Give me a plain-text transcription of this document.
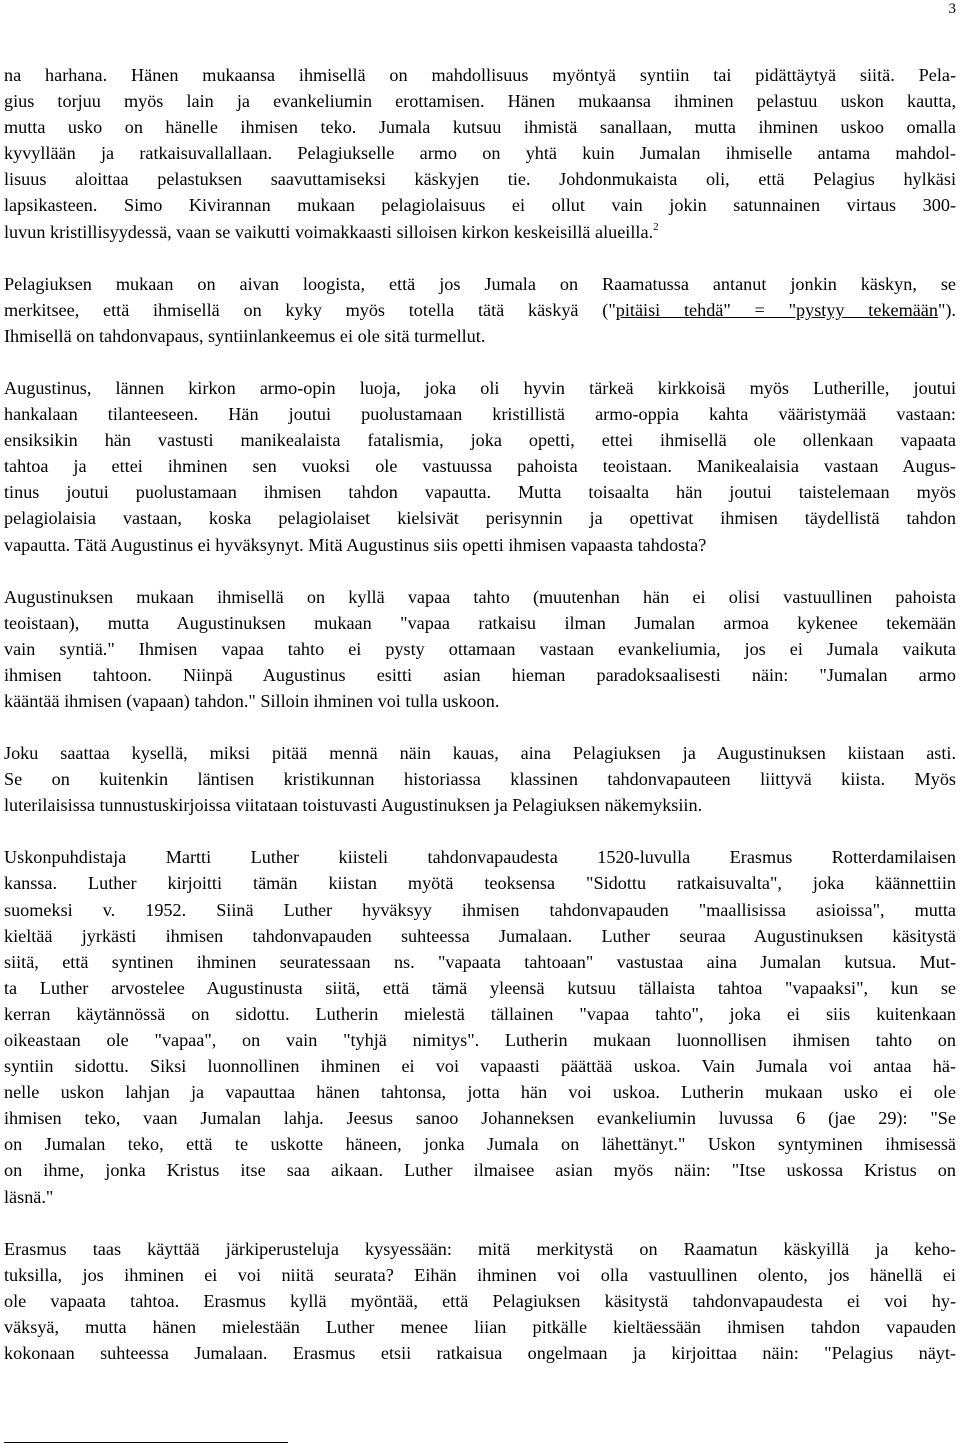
3
na harhana. Hänen mukaansa ihmisellä on mahdollisuus myöntyä syntiin tai pidättäytyä siitä. Pela-
gius torjuu myös lain ja evankeliumin erottamisen. Hänen mukaansa ihminen pelastuu uskon kautta,
mutta usko on hänelle ihmisen teko. Jumala kutsuu ihmistä sanallaan, mutta ihminen uskoo omalla
kyvyllään ja ratkaisuvallallaan. Pelagiukselle armo on yhtä kuin Jumalan ihmiselle antama mahdol-
lisuus aloittaa pelastuksen saavuttamiseksi käskyjen tie. Johdonmukaista oli, että Pelagius hylkäsi
lapsikasteen. Simo Kivirannan mukaan pelagiolaisuus ei ollut vain jokin satunnainen virtaus 300-
luvun kristillisyydessä, vaan se vaikutti voimakkaasti silloisen kirkon keskeisillä alueilla.$^2$
Pelagiuksen mukaan on aivan loogista, että jos Jumala on Raamatussa antanut jonkin käskyn, se
merkitsee, että ihmisellä on kyky myös totella tätä käskyä ("pitäisi tehdä" = "pystyy tekemään").
Ihmisellä on tahdonvapaus, syntiinlankeemus ei ole sitä turmellut.
Augustinus, lännen kirkon armo-opin luoja, joka oli hyvin tärkeä kirkkoisä myös Lutherille, joutui
hankalaan tilanteeseen. Hän joutui puolustamaan kristillistä armo-oppia kahta vääristymää vastaan:
ensiksikin hän vastusti manikealaista fatalismia, joka opetti, ettei ihmisellä ole ollenkaan vapaata
tahtoa ja ettei ihminen sen vuoksi ole vastuussa pahoista teoistaan. Manikealaisia vastaan Augus-
tinus joutui puolustamaan ihmisen tahdon vapautta. Mutta toisaalta hän joutui taistelemaan myös
pelagiolaisia vastaan, koska pelagiolaiset kielsivät perisynnin ja opettivat ihmisen täydellistä tahdon
vapautta. Tätä Augustinus ei hyväksynyt. Mitä Augustinus siis opetti ihmisen vapaasta tahdosta?
Augustinuksen mukaan ihmisellä on kyllä vapaa tahto (muutenhan hän ei olisi vastuullinen pahoista
teoistaan), mutta Augustinuksen mukaan "vapaa ratkaisu ilman Jumalan armoa kykenee tekemään
vain syntiä." Ihmisen vapaa tahto ei pysty ottamaan vastaan evankeliumia, jos ei Jumala vaikuta
ihmisen tahtoon. Niinpä Augustinus esitti asian hieman paradoksaalisesti näin: "Jumalan armo
kääntää ihmisen (vapaan) tahdon." Silloin ihminen voi tulla uskoon.
Joku saattaa kysellä, miksi pitää mennä näin kauas, aina Pelagiuksen ja Augustinuksen kiistaan asti.
Se on kuitenkin läntisen kristikunnan historiassa klassinen tahdonvapauteen liittyvä kiista. Myös
luterilaisissa tunnustuskirjoissa viitataan toistuvasti Augustinuksen ja Pelagiuksen näkemyksiin.
Uskonpuhdistaja Martti Luther kiisteli tahdonvapaudesta 1520-luvulla Erasmus Rotterdamilaisen
kanssa. Luther kirjoitti tämän kiistan myötä teoksensa "Sidottu ratkaisuvalta", joka käännettiin
suomeksi v. 1952. Siinä Luther hyväksyy ihmisen tahdonvapauden "maallisissa asioissa", mutta
kieltää jyrkästi ihmisen tahdonvapauden suhteessa Jumalaan. Luther seuraa Augustinuksen käsitystä
siitä, että syntinen ihminen seuratessaan ns. "vapaata tahtoaan" vastustaa aina Jumalan kutsua. Mut-
ta Luther arvostelee Augustinusta siitä, että tämä yleensä kutsuu tällaista tahtoa "vapaaksi", kun se
kerran käytännössä on sidottu. Lutherin mielestä tällainen "vapaa tahto", joka ei siis kuitenkaan
oikeastaan ole "vapaa", on vain "tyhjä nimitys". Lutherin mukaan luonnollisen ihmisen tahto on
syntiin sidottu. Siksi luonnollinen ihminen ei voi vapaasti päättää uskoa. Vain Jumala voi antaa hä-
nelle uskon lahjan ja vapauttaa hänen tahtonsa, jotta hän voi uskoa. Lutherin mukaan usko ei ole
ihmisen teko, vaan Jumalan lahja. Jeesus sanoo Johanneksen evankeliumin luvussa 6 (jae 29): "Se
on Jumalan teko, että te uskotte häneen, jonka Jumala on lähettänyt." Uskon syntyminen ihmisessä
on ihme, jonka Kristus itse saa aikaan. Luther ilmaisee asian myös näin: "Itse uskossa Kristus on
läsnä."
Erasmus taas käyttää järkiperusteluja kysyessään: mitä merkitystä on Raamatun käskyillä ja keho-
tuksilla, jos ihminen ei voi niitä seurata? Eihän ihminen voi olla vastuullinen olento, jos hänellä ei
ole vapaata tahtoa. Erasmus kyllä myöntää, että Pelagiuksen käsitystä tahdonvapaudesta ei voi hy-
väksyä, mutta hänen mielestään Luther menee liian pitkälle kieltäessään ihmisen tahdon vapauden
kokonaan suhteessa Jumalaan. Erasmus etsii ratkaisua ongelmaan ja kirjoittaa näin: "Pelagius näyt-
